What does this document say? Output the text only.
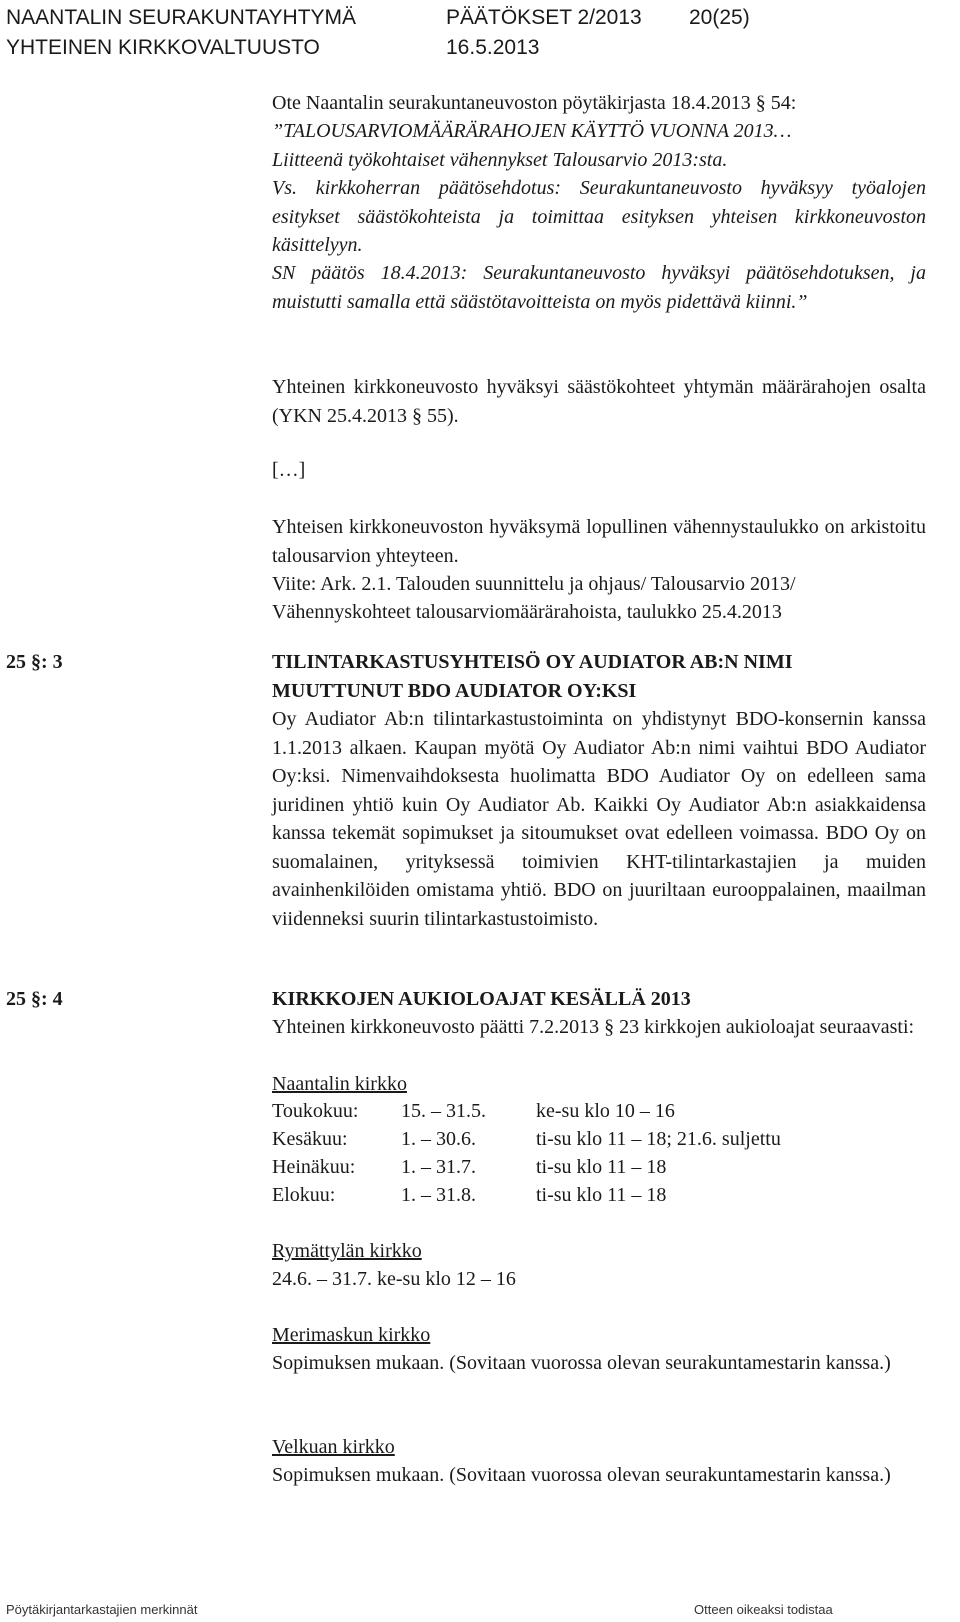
NAANTALIN SEURAKUNTAYHTYMÄ	PÄÄTÖKSET 2/2013 20(25)
YHTEINEN KIRKKOVALTUUSTO	16.5.2013
Ote Naantalin seurakuntaneuvoston pöytäkirjasta 18.4.2013 § 54:
”TALOUSARVIOMÄÄRÄRAHOJEN KÄYTTÖ VUONNA 2013…
Liitteenä työkohtaiset vähennykset Talousarvio 2013:sta.
Vs. kirkkoherran päätösehdotus: Seurakuntaneuvosto hyväksyy työalojen esitykset säästökohteista ja toimittaa esityksen yhteisen kirkkoneuvoston käsittelyyn.
SN päätös 18.4.2013: Seurakuntaneuvosto hyväksyi päätösehdotuksen, ja muistutti samalla että säästötavoitteista on myös pidettävä kiinni.”
Yhteinen kirkkoneuvosto hyväksyi säästökohteet yhtymän määrärahojen osalta (YKN 25.4.2013 § 55).
[…]
Yhteisen kirkkoneuvoston hyväksymä lopullinen vähennystaulukko on arkistoitu talousarvion yhteyteen.
Viite: Ark. 2.1. Talouden suunnittelu ja ohjaus/ Talousarvio 2013/
Vähennyskohteet talousarviomäärärahoista, taulukko 25.4.2013
25 §: 3	TILINTARKASTUSYHTEISÖ OY AUDIATOR AB:N NIMI MUUTTUNUT BDO AUDIATOR OY:KSI
Oy Audiator Ab:n tilintarkastustoiminta on yhdistynyt BDO-konsernin kanssa 1.1.2013 alkaen. Kaupan myötä Oy Audiator Ab:n nimi vaihtui BDO Audiator Oy:ksi. Nimenvaihdoksesta huolimatta BDO Audiator Oy on edelleen sama juridinen yhtiö kuin Oy Audiator Ab. Kaikki Oy Audiator Ab:n asiakkaidensa kanssa tekemät sopimukset ja sitoumukset ovat edelleen voimassa. BDO Oy on suomalainen, yrityksessä toimivien KHT-tilintarkastajien ja muiden avainhenkilöiden omistama yhtiö. BDO on juuriltaan eurooppalainen, maailman viidenneksi suurin tilintarkastustoimisto.
25 §: 4	KIRKKOJEN AUKIOLOAJAT KESÄLLÄ 2013
Yhteinen kirkkoneuvosto päätti 7.2.2013 § 23 kirkkojen aukioloajat seuraavasti:
Naantalin kirkko
Toukokuu: 15. – 31.5.	ke-su klo 10 – 16
Kesäkuu:	1. – 30.6.	ti-su klo 11 – 18; 21.6. suljettu
Heinäkuu: 1. – 31.7.	ti-su klo 11 – 18
Elokuu:	1. – 31.8.	ti-su klo 11 – 18
Rymättylän kirkko
24.6. – 31.7. ke-su klo 12 – 16
Merimaskun kirkko
Sopimuksen mukaan. (Sovitaan vuorossa olevan seurakuntamestarin kanssa.)
Velkuan kirkko
Sopimuksen mukaan. (Sovitaan vuorossa olevan seurakuntamestarin kanssa.)
Pöytäkirjantarkastajien merkinnät	Otteen oikeaksi todistaa
